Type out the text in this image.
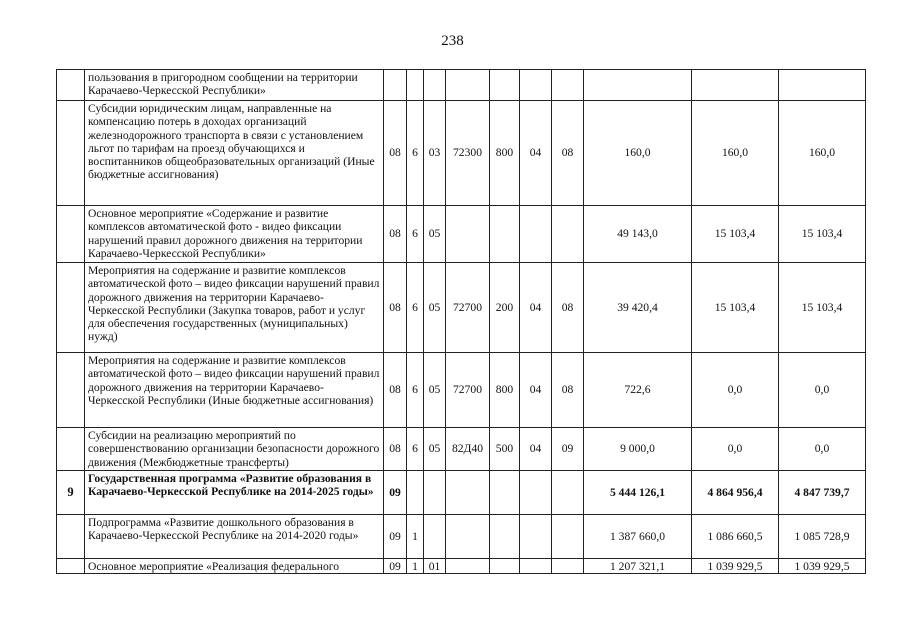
238
	пользования в пригородном сообщении на территории Карачаево-Черкесской Республики»										
	Субсидии юридическим лицам, направленные на компенсацию потерь в доходах организаций железнодорожного транспорта в связи с установлением льгот по тарифам на проезд обучающихся и воспитанников общеобразовательных организаций (Иные бюджетные ассигнования)	08	6	03	72300	800	04	08	160,0	160,0	160,0
	Основное мероприятие «Содержание и развитие комплексов автоматической фото - видео фиксации нарушений правил дорожного движения на территории Карачаево-Черкесской Республики»	08	6	05					49 143,0	15 103,4	15 103,4
	Мероприятия на содержание и развитие комплексов автоматической фото – видео фиксации нарушений правил дорожного движения на территории Карачаево-Черкесской Республики (Закупка товаров, работ и услуг для обеспечения государственных (муниципальных) нужд)	08	6	05	72700	200	04	08	39 420,4	15 103,4	15 103,4
	Мероприятия на содержание и развитие комплексов автоматической фото – видео фиксации нарушений правил дорожного движения на территории Карачаево-Черкесской Республики (Иные бюджетные ассигнования)	08	6	05	72700	800	04	08	722,6	0,0	0,0
	Субсидии на реализацию мероприятий по совершенствованию организации безопасности дорожного движения (Межбюджетные трансферты)	08	6	05	82Д40	500	04	09	9 000,0	0,0	0,0
9	Государственная программа «Развитие образования в Карачаево-Черкесской Республике на 2014-2025 годы»	09							5 444 126,1	4 864 956,4	4 847 739,7
	Подпрограмма «Развитие дошкольного образования в Карачаево-Черкесской Республике на 2014-2020 годы»	09	1						1 387 660,0	1 086 660,5	1 085 728,9
	Основное мероприятие «Реализация федерального	09	1	01					1 207 321,1	1 039 929,5	1 039 929,5
